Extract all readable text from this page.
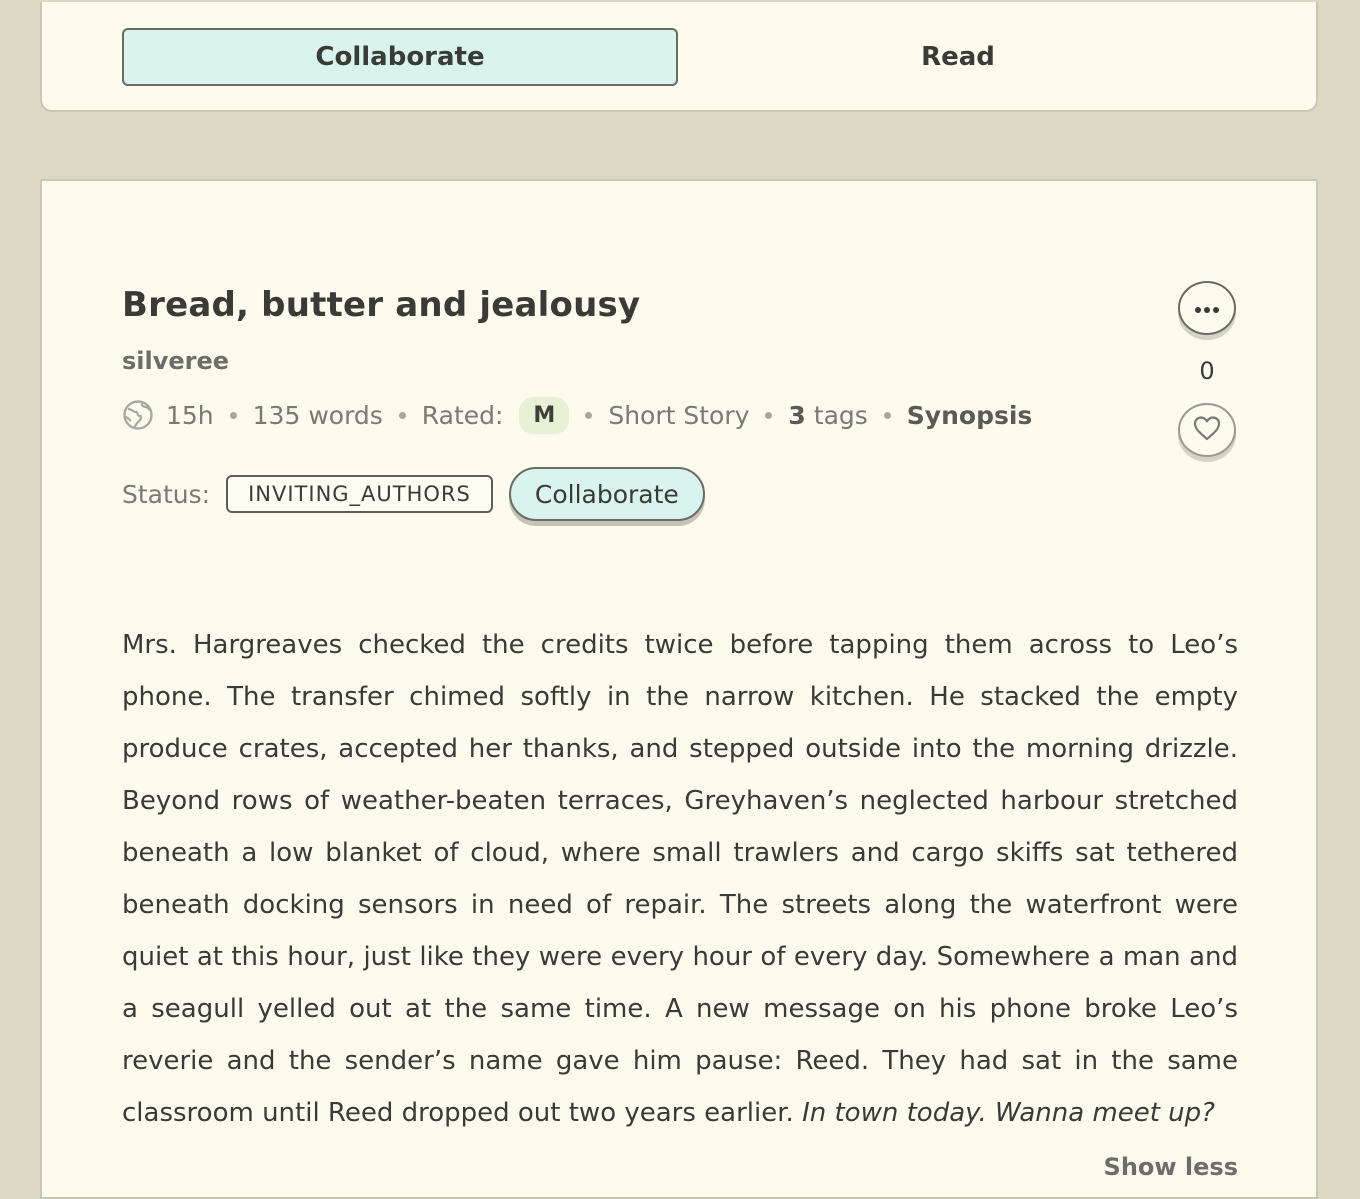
Collaborate	Read
Bread, butter and jealousy
silveree
15h 135 words Rated:	M	Short Story 3 tags Synopsis
Status:	INVITING_AUTHORS	Collaborate
0

Mrs. Hargreaves checked the credits twice before tapping them across to Leo’s phone. The transfer chimed softly in the narrow kitchen. He stacked the empty produce crates, accepted her thanks, and stepped outside into the morning drizzle. Beyond rows of weather-beaten terraces, Greyhaven’s neglected harbour stretched beneath a low blanket of cloud, where small trawlers and cargo skiffs sat tethered beneath docking sensors in need of repair. The streets along the waterfront were quiet at this hour, just like they were every hour of every day. Somewhere a man and a seagull yelled out at the same time. A new message on his phone broke Leo’s reverie and the sender’s name gave him pause: Reed. They had sat in the same classroom until Reed dropped out two years earlier. In town today. Wanna meet up?

Show less
